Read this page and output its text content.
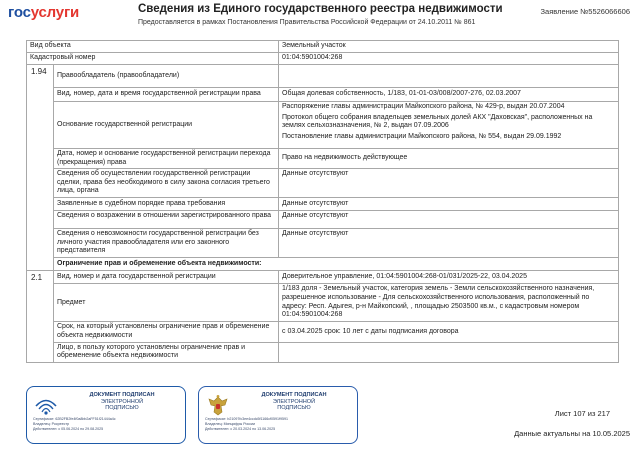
госуслуги	Сведения из Единого государственного реестра недвижимости
Предоставляется в рамках Постановления Правительства Российской Федерации от 24.10.2011 № 861
Заявление №5526066606
Вид объекта		Земельный участок
Кадастровый номер		01:04:5901004:268
1.94	Правообладатель (правообладатели)	
	Вид, номер, дата и время государственной регистрации права	Общая долевая собственность, 1/183, 01-01-03/008/2007-276, 02.03.2007
	Основание государственной регистрации	Распоряжение главы администрации Майкопского района, № 429-р, выдан 20.07.2004
Протокол общего собрания владельцев земельных долей АКХ "Даховская", расположенных на землях сельхозназначения, № 2, выдан 07.09.2006
Постановление главы администрации Майкопского района, № 554, выдан 29.09.1992

	Дата, номер и основание государственной регистрации перехода (прекращения) права	Право на недвижимость действующее
	Сведения об осуществлении государственной регистрации сделки, права без необходимого в силу закона согласия третьего лица, органа	Данные отсутствуют
	Заявленные в судебном порядке права требования	Данные отсутствуют
	Сведения о возражении в отношении зарегистрированного права	Данные отсутствуют
	Сведения о невозможности государственной регистрации без личного участия правообладателя или его законного представителя	Данные отсутствуют
	Ограничение прав и обременение объекта недвижимости:	
2.1	Вид, номер и дата государственной регистрации	Доверительное управление, 01:04:5901004:268-01/031/2025-22, 03.04.2025
	Предмет	1/183 доля - Земельный участок, категория земель - Земли сельскохозяйственного назначения, разрешенное использование - Для сельскохозяйственного использования, расположенный по адресу: Респ. Адыгея, р-н Майкопский, , площадью 2503500 кв.м., с кадастровым номером 01:04:5901004:268
	Срок, на который установлены ограничение прав и обременение объекта недвижимости	с 03.04.2025 срок: 10 лет с даты подписания договора
	Лицо, в пользу которого установлены ограничение прав и обременение объекта недвижимости	
ДОКУМЕНТ ПОДПИСАН
ЭЛЕКТРОННОЙ
ПОДПИСЬЮ
Сертификат: 62B2FB2fe4f0a8bb2aFF51f21444a4c
Владелец: Росреестр
Действителен: с 05.06.2024 по 29.08.2025
ДОКУМЕНТ ПОДПИСАН
ЭЛЕКТРОННОЙ
ПОДПИСЬЮ
Сертификат: b21097fc3ee4ccdc5f1166cf0591f9591
Владелец: Минцифры России
Действителен: с 20.03.2024 по 13.06.2025
Лист 107 из 217
Данные актуальны на 10.05.2025
